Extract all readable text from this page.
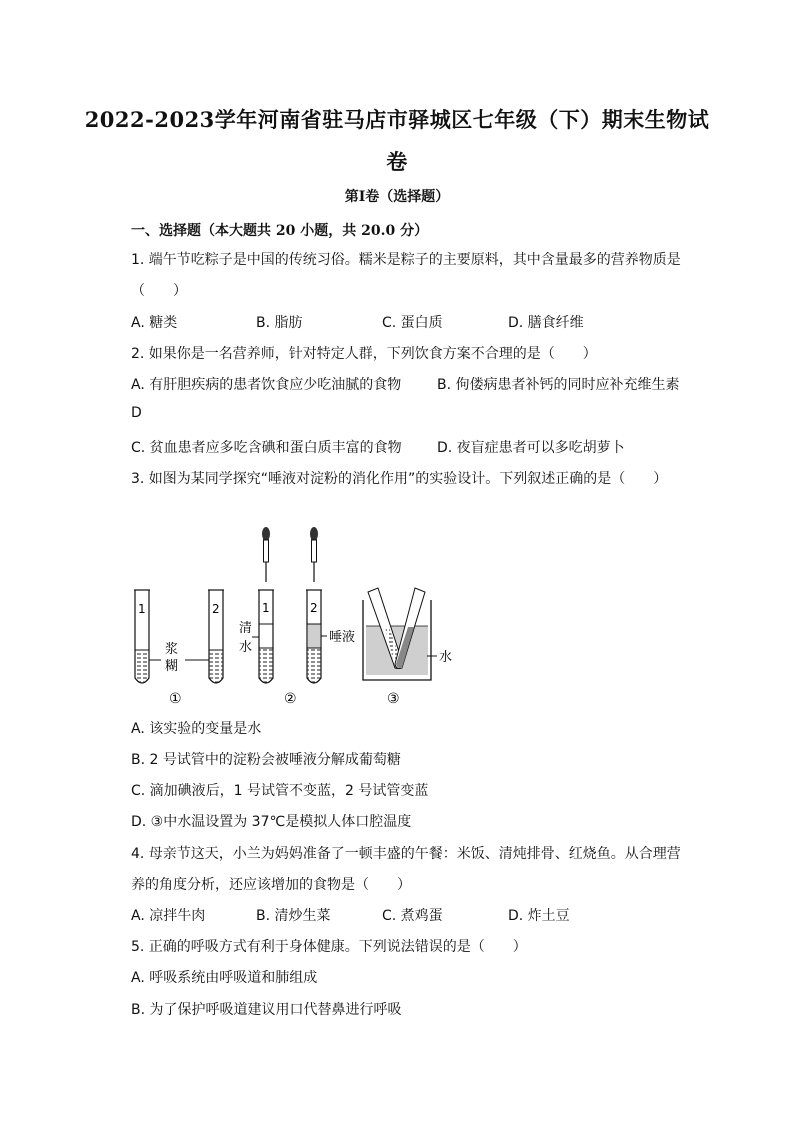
2022-2023学年河南省驻马店市驿城区七年级（下）期末生物试
卷
第I卷（选择题）
一、选择题（本大题共 20 小题，共 20.0 分）
1. 端午节吃粽子是中国的传统习俗。糯米是粽子的主要原料，其中含量最多的营养物质是
（　　）
A. 糖类	B. 脂肪	C. 蛋白质	D. 膳食纤维
2. 如果你是一名营养师，针对特定人群，下列饮食方案不合理的是（　　）
A. 有肝胆疾病的患者饮食应少吃油腻的食物	B. 佝偻病患者补钙的同时应补充维生素
D
C. 贫血患者应多吃含碘和蛋白质丰富的食物	D. 夜盲症患者可以多吃胡萝卜
3. 如图为某同学探究“唾液对淀粉的消化作用”的实验设计。下列叙述正确的是（　　）
1	2
浆
糊
①
1	2
清
水
唾液
②
水
③
A. 该实验的变量是水
B. 2 号试管中的淀粉会被唾液分解成葡萄糖
C. 滴加碘液后，1 号试管不变蓝，2 号试管变蓝
D. ③中水温设置为 37℃是模拟人体口腔温度
4. 母亲节这天，小兰为妈妈准备了一顿丰盛的午餐：米饭、清炖排骨、红烧鱼。从合理营
养的角度分析，还应该增加的食物是（　　）
A. 凉拌牛肉	B. 清炒生菜	C. 煮鸡蛋	D. 炸土豆
5. 正确的呼吸方式有利于身体健康。下列说法错误的是（　　）
A. 呼吸系统由呼吸道和肺组成
B. 为了保护呼吸道建议用口代替鼻进行呼吸
